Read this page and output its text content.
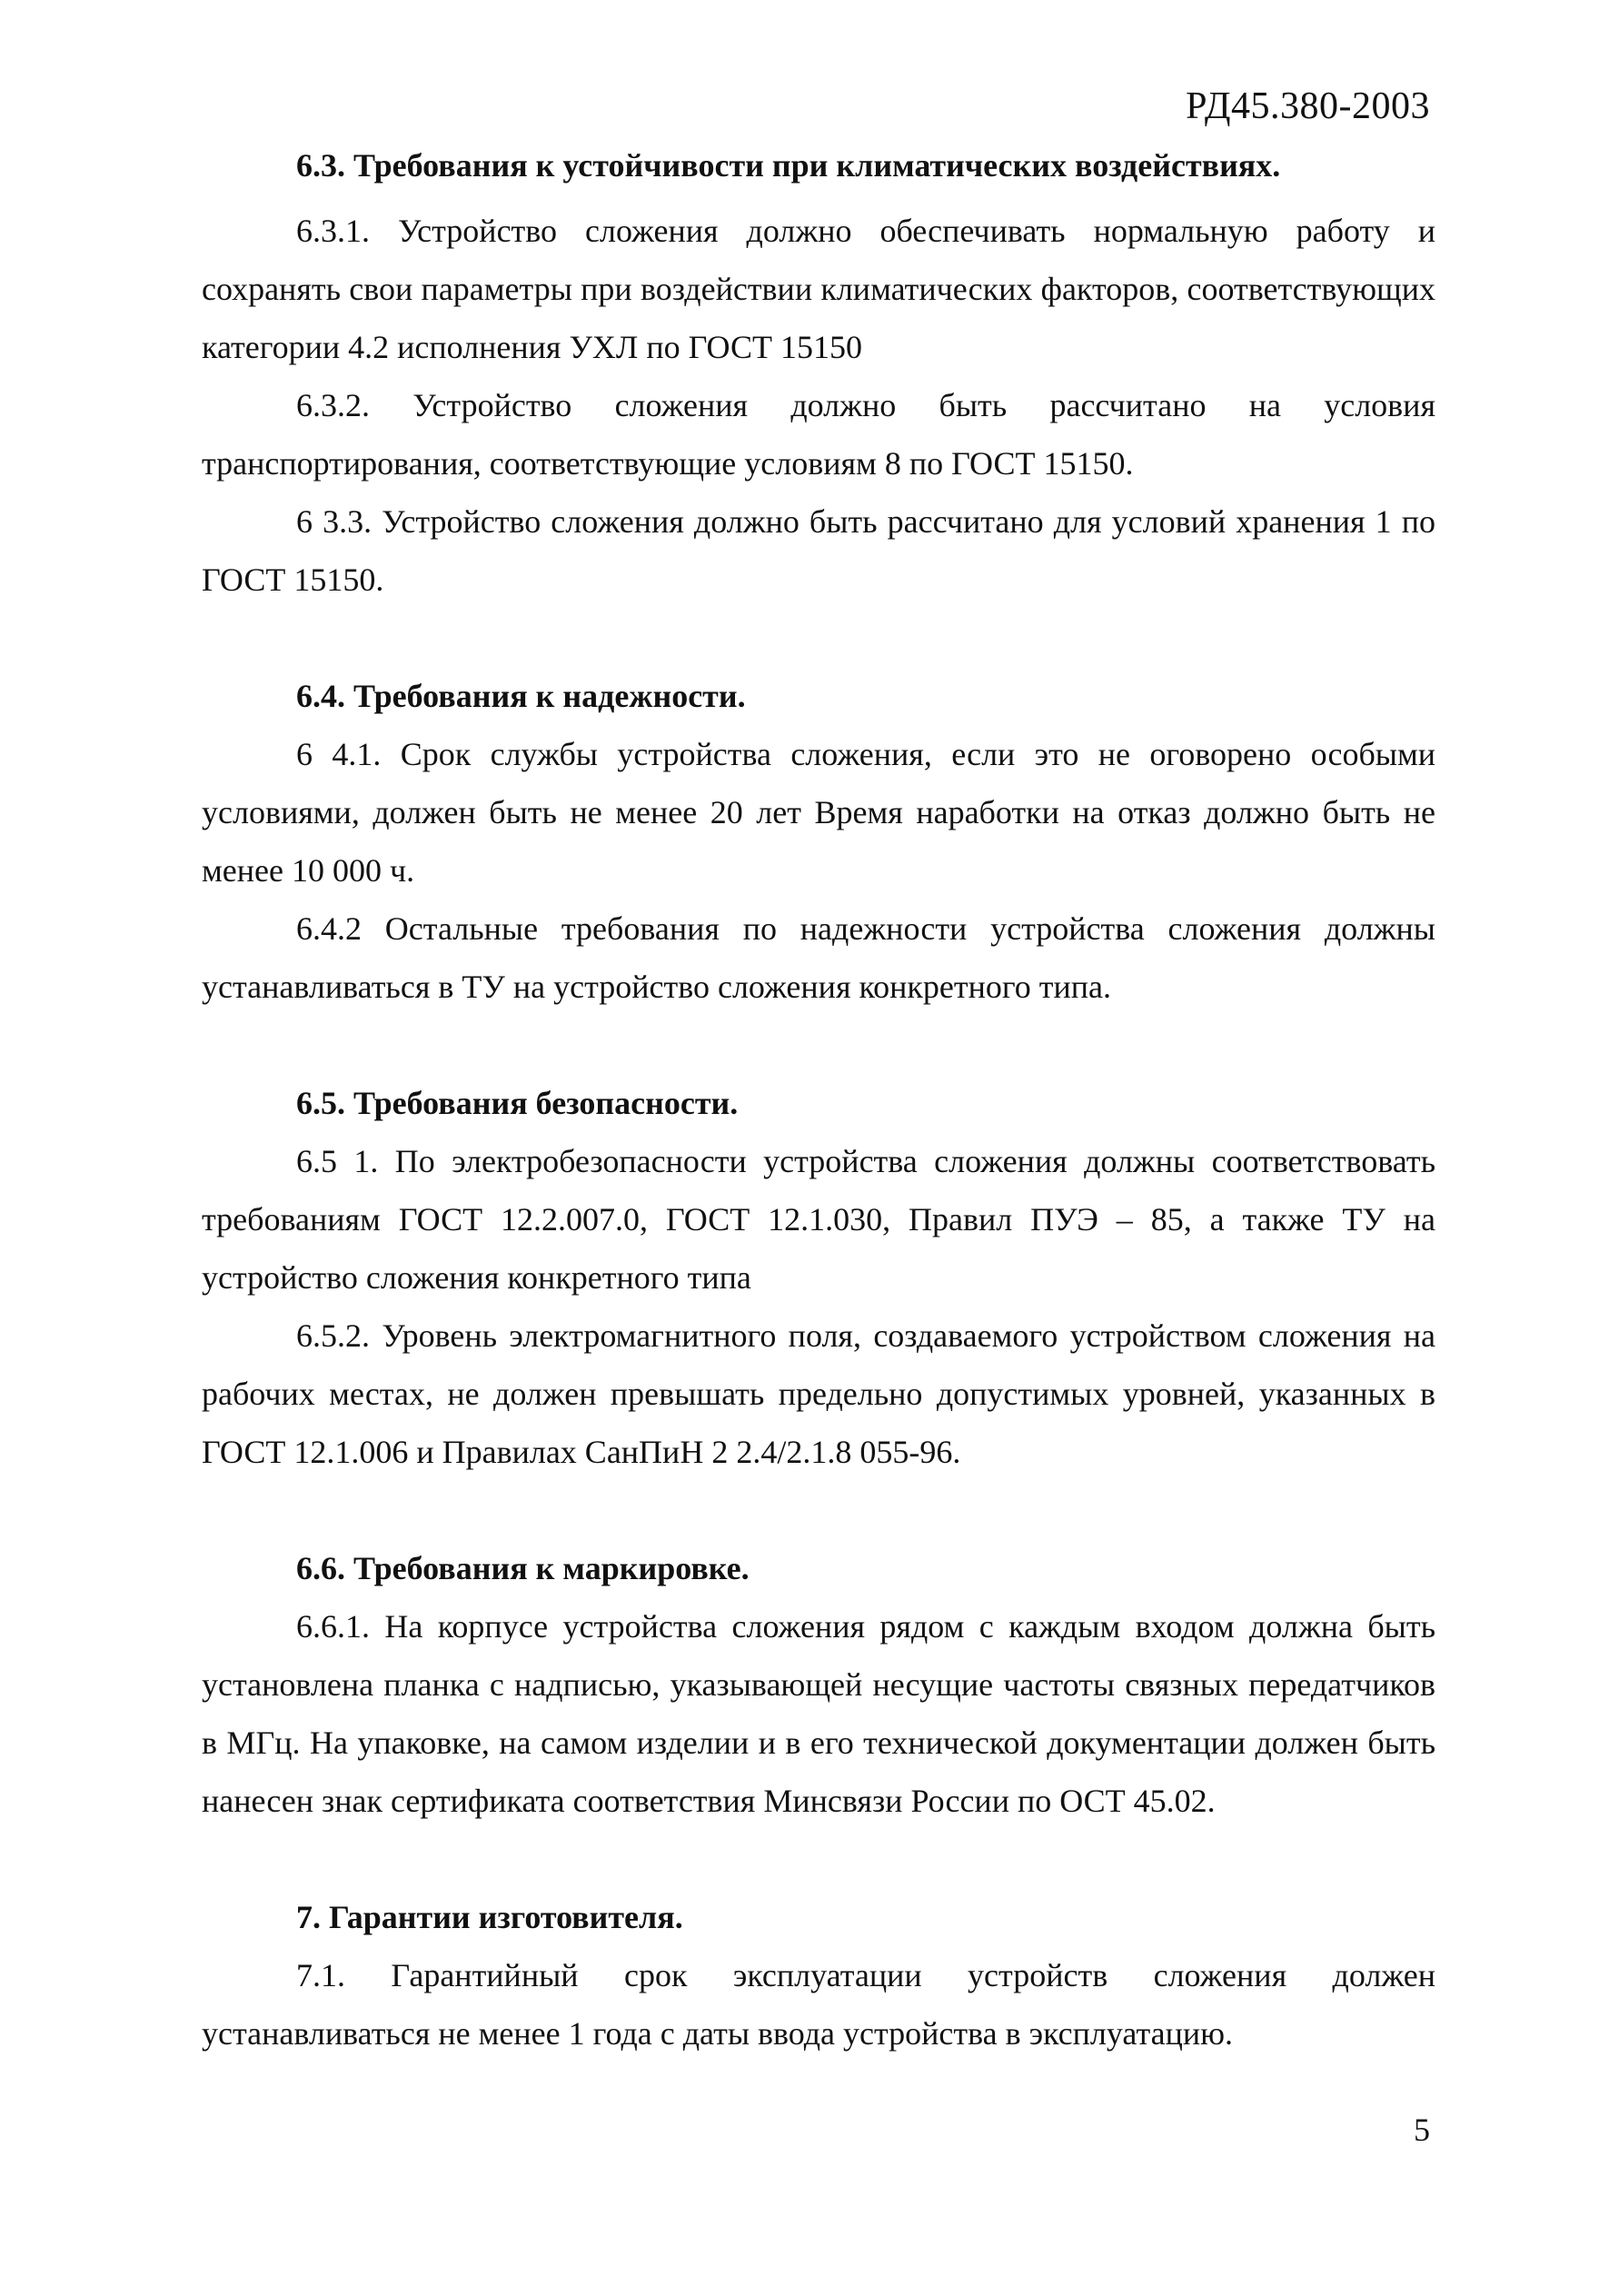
РД45.380-2003

6.3. Требования к устойчивости при климатических воздействиях.

6.3.1. Устройство сложения должно обеспечивать нормальную работу и сохранять свои параметры при воздействии климатических факторов, соответствующих категории 4.2 исполнения УХЛ по ГОСТ 15150

6.3.2. Устройство сложения должно быть рассчитано на условия транспортирования, соответствующие условиям 8 по ГОСТ 15150.

6 3.3. Устройство сложения должно быть рассчитано для условий хранения 1 по ГОСТ 15150.

6.4. Требования к надежности.

6 4.1. Срок службы устройства сложения, если это не оговорено особыми условиями, должен быть не менее 20 лет Время наработки на отказ должно быть не менее 10 000 ч.

6.4.2 Остальные требования по надежности устройства сложения должны устанавливаться в ТУ на устройство сложения конкретного типа.

6.5. Требования безопасности.

6.5 1. По электробезопасности устройства сложения должны соответствовать требованиям ГОСТ 12.2.007.0, ГОСТ 12.1.030, Правил ПУЭ – 85, а также ТУ на устройство сложения конкретного типа

6.5.2. Уровень электромагнитного поля, создаваемого устройством сложения на рабочих местах, не должен превышать предельно допустимых уровней, указанных в ГОСТ 12.1.006 и Правилах СанПиН 2 2.4/2.1.8 055-96.

6.6. Требования к маркировке.

6.6.1. На корпусе устройства сложения рядом с каждым входом должна быть установлена планка с надписью, указывающей несущие частоты связных передатчиков в МГц. На упаковке, на самом изделии и в его технической документации должен быть нанесен знак сертификата соответствия Минсвязи России по ОСТ 45.02.

7. Гарантии изготовителя.

7.1. Гарантийный срок эксплуатации устройств сложения должен устанавливаться не менее 1 года с даты ввода устройства в эксплуатацию.

5
